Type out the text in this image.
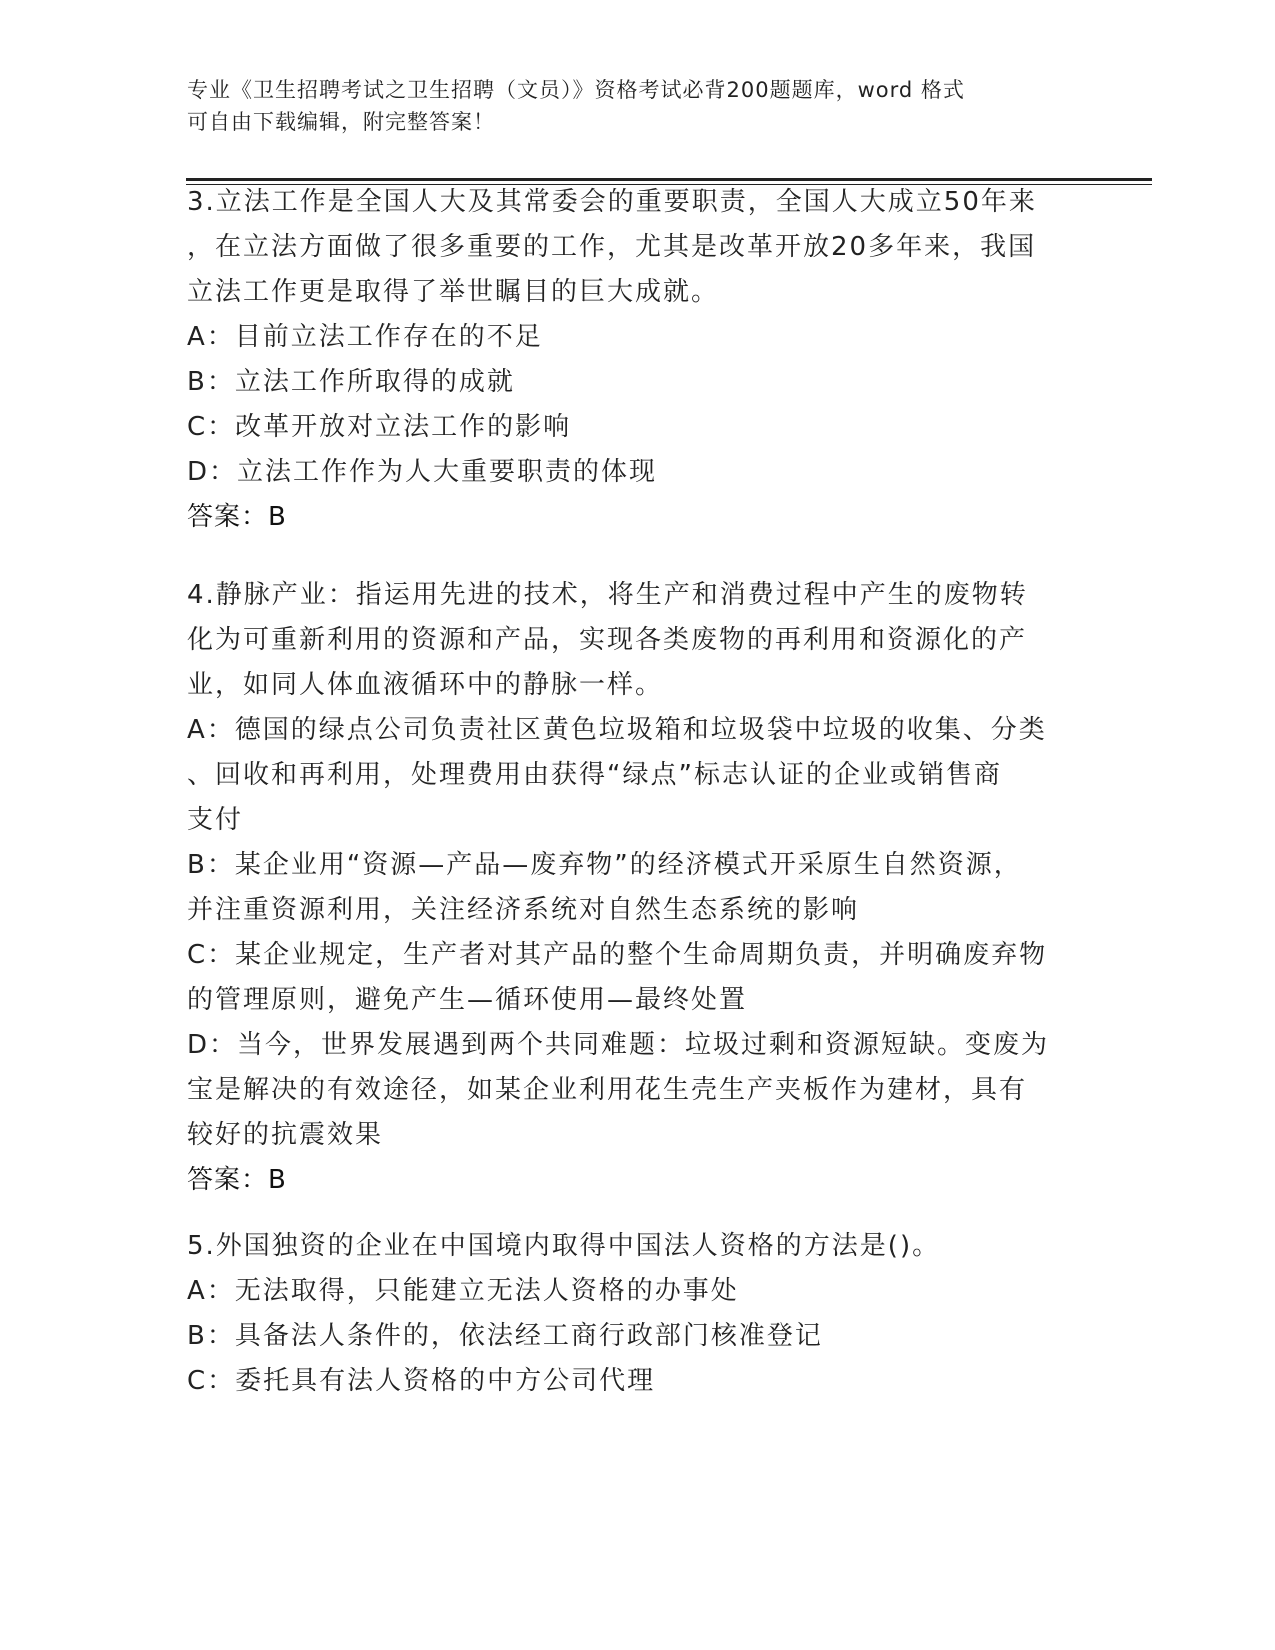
专业《卫生招聘考试之卫生招聘（文员）》资格考试必背200题题库，word 格式
可自由下载编辑，附完整答案！
3.立法工作是全国人大及其常委会的重要职责，全国人大成立50年来
，在立法方面做了很多重要的工作，尤其是改革开放20多年来，我国
立法工作更是取得了举世瞩目的巨大成就。
A：目前立法工作存在的不足
B：立法工作所取得的成就
C：改革开放对立法工作的影响
D：立法工作作为人大重要职责的体现
答案：B
4.静脉产业：指运用先进的技术，将生产和消费过程中产生的废物转
化为可重新利用的资源和产品，实现各类废物的再利用和资源化的产
业，如同人体血液循环中的静脉一样。
A：德国的绿点公司负责社区黄色垃圾箱和垃圾袋中垃圾的收集、分类
、回收和再利用，处理费用由获得“绿点”标志认证的企业或销售商
支付
B：某企业用“资源—产品—废弃物”的经济模式开采原生自然资源，
并注重资源利用，关注经济系统对自然生态系统的影响
C：某企业规定，生产者对其产品的整个生命周期负责，并明确废弃物
的管理原则，避免产生—循环使用—最终处置
D：当今，世界发展遇到两个共同难题：垃圾过剩和资源短缺。变废为
宝是解决的有效途径，如某企业利用花生壳生产夹板作为建材，具有
较好的抗震效果
答案：B
5.外国独资的企业在中国境内取得中国法人资格的方法是()。
A：无法取得，只能建立无法人资格的办事处
B：具备法人条件的，依法经工商行政部门核准登记
C：委托具有法人资格的中方公司代理
